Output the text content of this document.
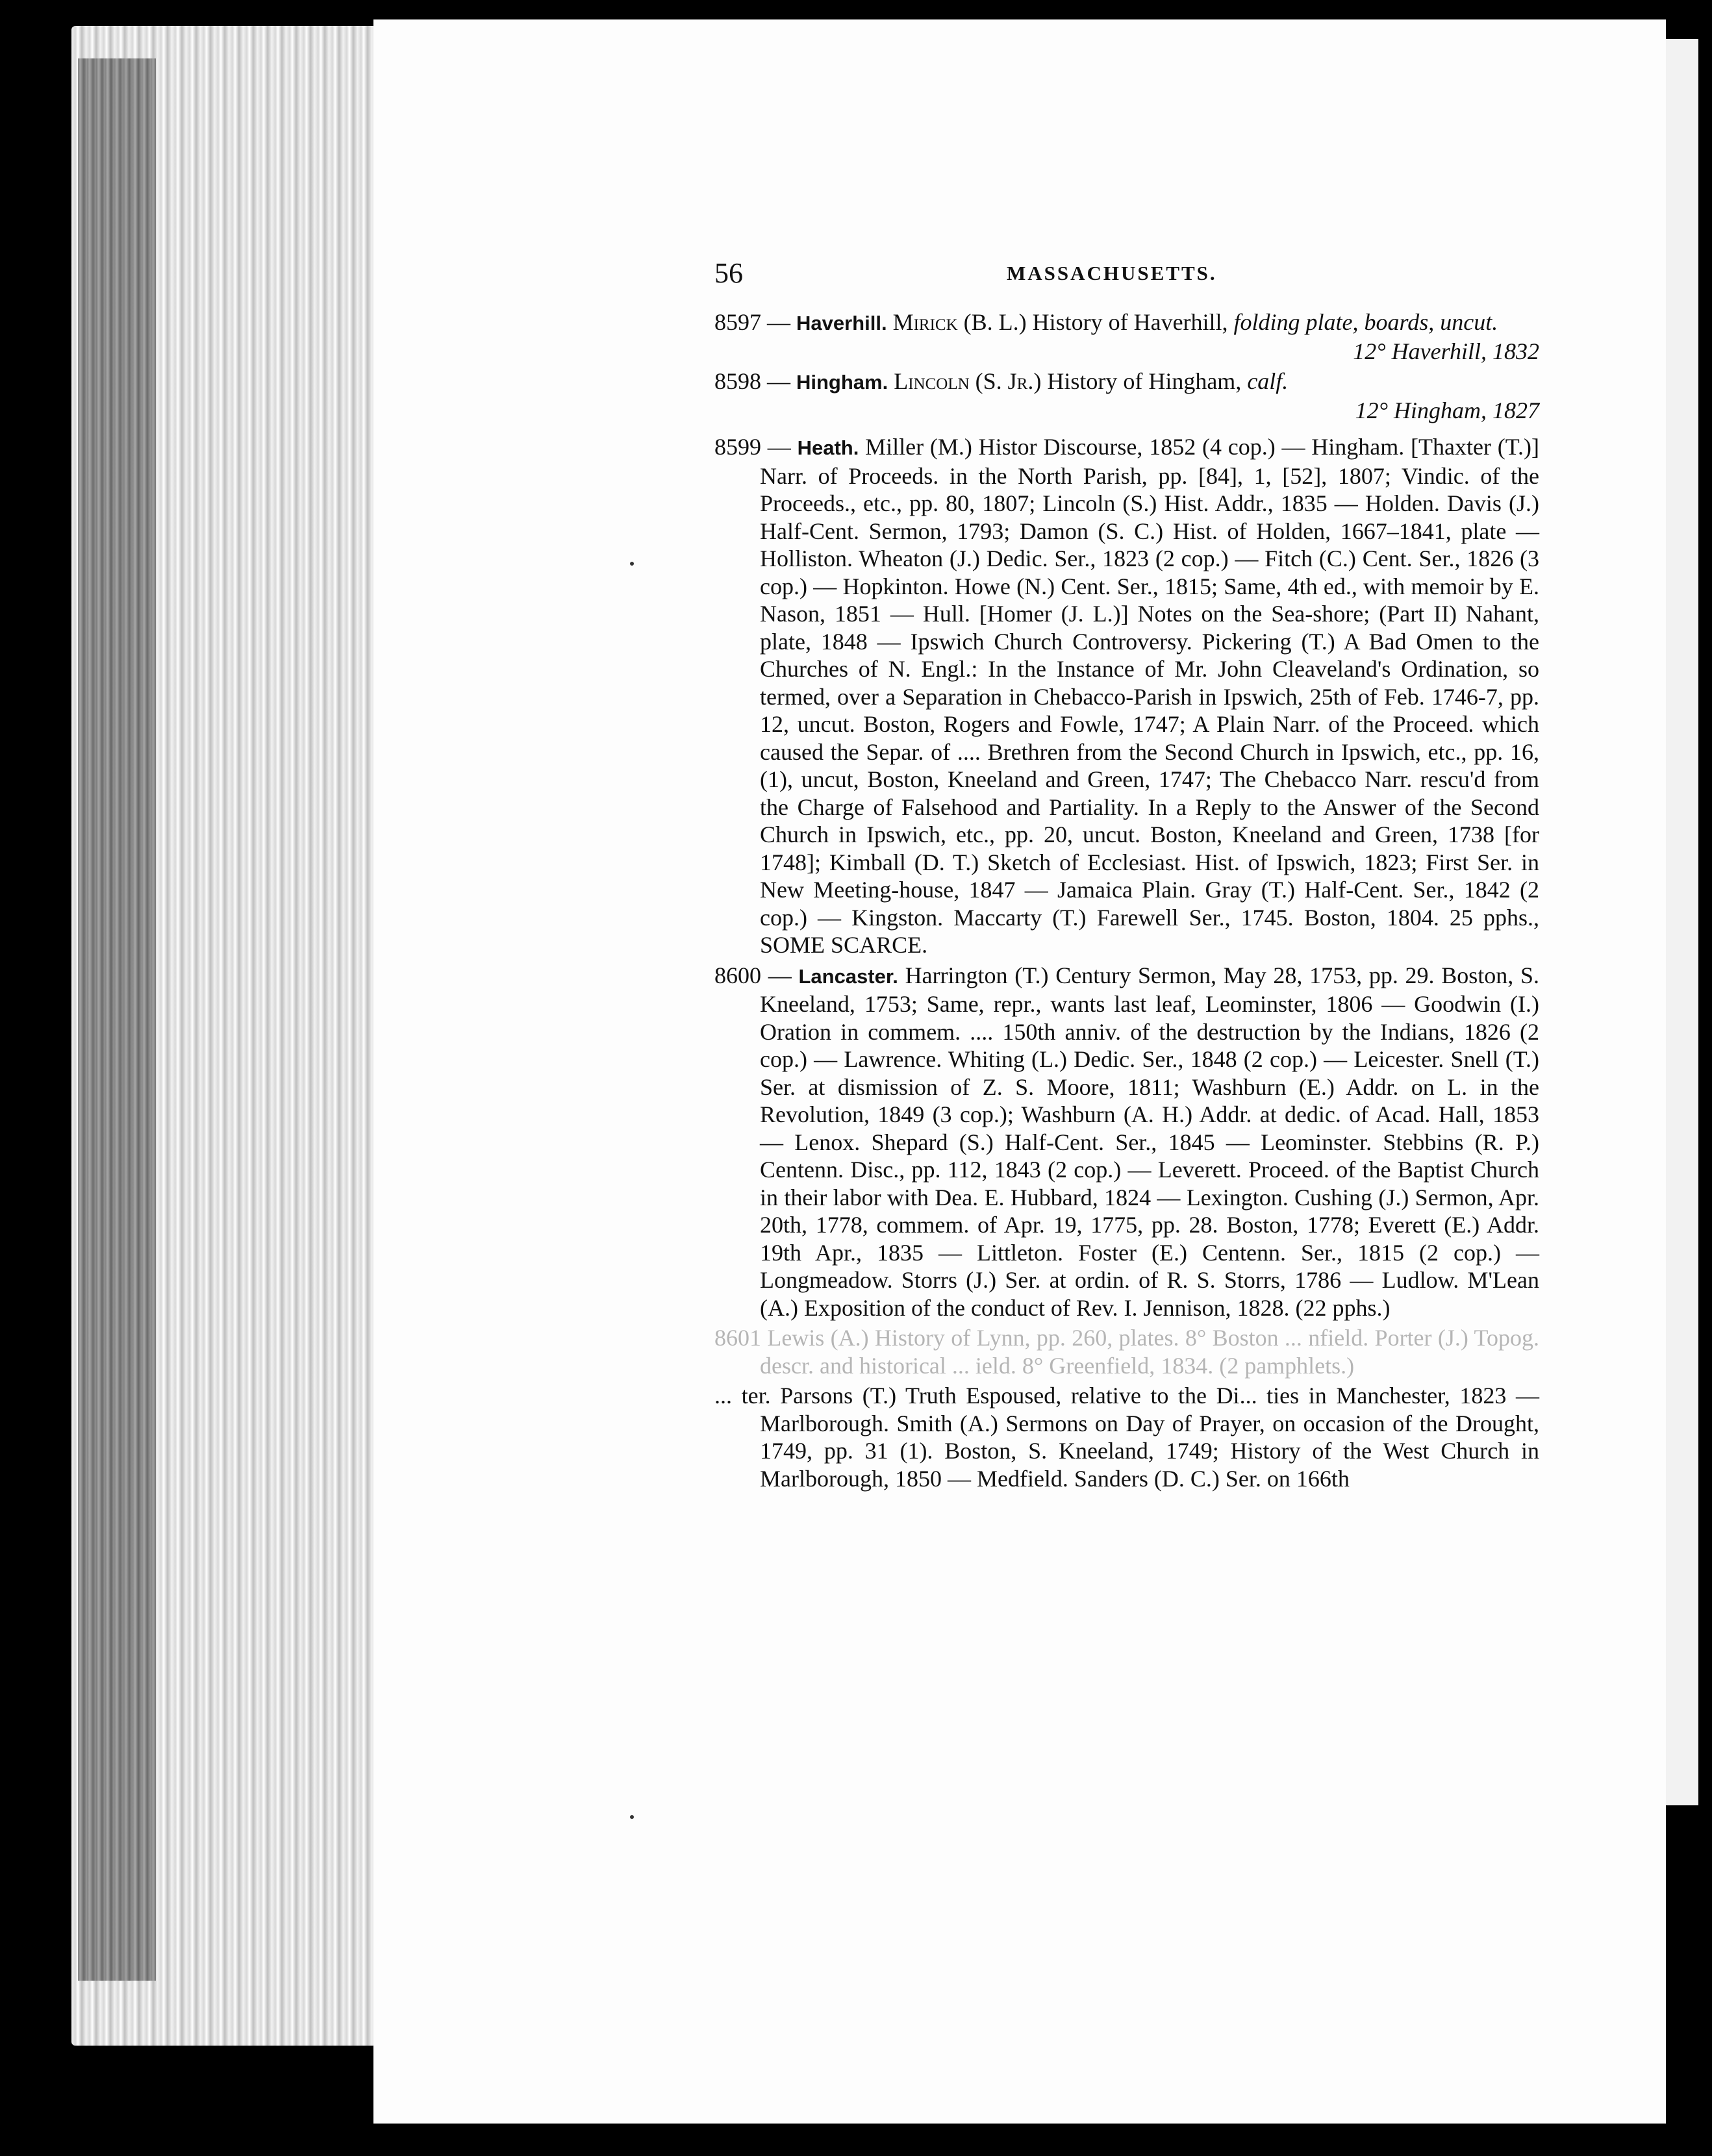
56	MASSACHUSETTS.
8597 — Haverhill. Mirick (B. L.) History of Haverhill, folding plate, boards, uncut.
12° Haverhill, 1832
8598 — Hingham. Lincoln (S. Jr.) History of Hingham, calf.
12° Hingham, 1827
8599 — Heath. Miller (M.) Histor Discourse, 1852 (4 cop.) — Hingham. [Thaxter (T.)] Narr. of Proceeds. in the North Parish, pp. [84], 1, [52], 1807; Vindic. of the Proceeds., etc., pp. 80, 1807; Lincoln (S.) Hist. Addr., 1835 — Holden. Davis (J.) Half-Cent. Sermon, 1793; Damon (S. C.) Hist. of Holden, 1667–1841, plate — Holliston. Wheaton (J.) Dedic. Ser., 1823 (2 cop.) — Fitch (C.) Cent. Ser., 1826 (3 cop.) — Hopkinton. Howe (N.) Cent. Ser., 1815; Same, 4th ed., with memoir by E. Nason, 1851 — Hull. [Homer (J. L.)] Notes on the Sea-shore; (Part II) Nahant, plate, 1848 — Ipswich Church Controversy. Pickering (T.) A Bad Omen to the Churches of N. Engl.: In the Instance of Mr. John Cleaveland's Ordination, so termed, over a Separation in Chebacco-Parish in Ipswich, 25th of Feb. 1746-7, pp. 12, uncut. Boston, Rogers and Fowle, 1747; A Plain Narr. of the Proceed. which caused the Separ. of .... Brethren from the Second Church in Ipswich, etc., pp. 16, (1), uncut, Boston, Kneeland and Green, 1747; The Chebacco Narr. rescu'd from the Charge of Falsehood and Partiality. In a Reply to the Answer of the Second Church in Ipswich, etc., pp. 20, uncut. Boston, Kneeland and Green, 1738 [for 1748]; Kimball (D. T.) Sketch of Ecclesiast. Hist. of Ipswich, 1823; First Ser. in New Meeting-house, 1847 — Jamaica Plain. Gray (T.) Half-Cent. Ser., 1842 (2 cop.) — Kingston. Maccarty (T.) Farewell Ser., 1745. Boston, 1804. 25 pphs., SOME SCARCE.
8600 — Lancaster. Harrington (T.) Century Sermon, May 28, 1753, pp. 29. Boston, S. Kneeland, 1753; Same, repr., wants last leaf, Leominster, 1806 — Goodwin (I.) Oration in commem. .... 150th anniv. of the destruction by the Indians, 1826 (2 cop.) — Lawrence. Whiting (L.) Dedic. Ser., 1848 (2 cop.) — Leicester. Snell (T.) Ser. at dismission of Z. S. Moore, 1811; Washburn (E.) Addr. on L. in the Revolution, 1849 (3 cop.); Washburn (A. H.) Addr. at dedic. of Acad. Hall, 1853 — Lenox. Shepard (S.) Half-Cent. Ser., 1845 — Leominster. Stebbins (R. P.) Centenn. Disc., pp. 112, 1843 (2 cop.) — Leverett. Proceed. of the Baptist Church in their labor with Dea. E. Hubbard, 1824 — Lexington. Cushing (J.) Sermon, Apr. 20th, 1778, commem. of Apr. 19, 1775, pp. 28. Boston, 1778; Everett (E.) Addr. 19th Apr., 1835 — Littleton. Foster (E.) Centenn. Ser., 1815 (2 cop.) — Longmeadow. Storrs (J.) Ser. at ordin. of R. S. Storrs, 1786 — Ludlow. M'Lean (A.) Exposition of the conduct of Rev. I. Jennison, 1828. (22 pphs.)
8601 Lewis (A.) History of Lynn, pp. 260, plates. 8° Boston ... nfield. Porter (J.) Topog. descr. and historical ... ield. 8° Greenfield, 1834. (2 pamphlets.)
... ter. Parsons (T.) Truth Espoused, relative to the Di... ties in Manchester, 1823 — Marlborough. Smith (A.) Sermons on Day of Prayer, on occasion of the Drought, 1749, pp. 31 (1). Boston, S. Kneeland, 1749; History of the West Church in Marlborough, 1850 — Medfield. Sanders (D. C.) Ser. on 166th
